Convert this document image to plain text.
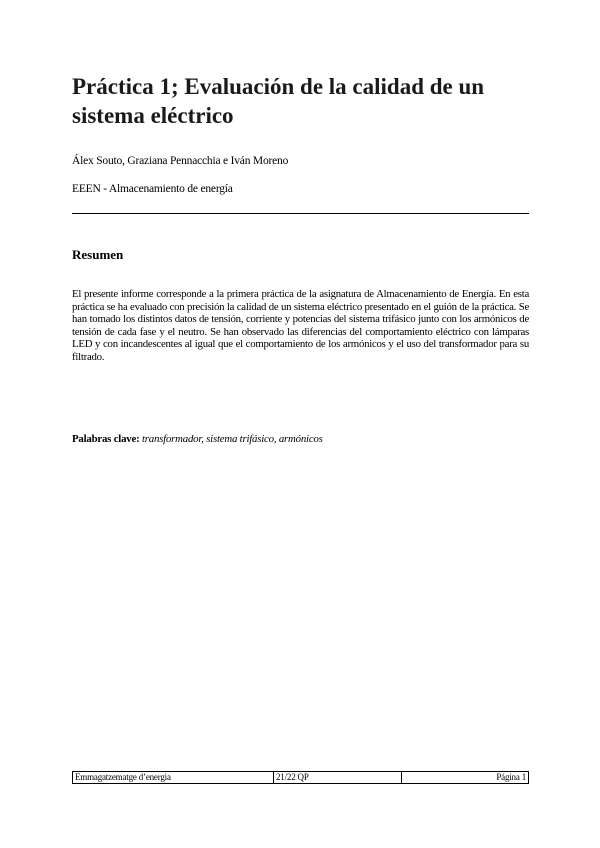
Práctica 1; Evaluación de la calidad de un sistema eléctrico

Álex Souto, Graziana Pennacchia e Iván Moreno

EEEN - Almacenamiento de energía

Resumen

El presente informe corresponde a la primera práctica de la asignatura de Almacenamiento de Energía. En esta práctica se ha evaluado con precisión la calidad de un sistema eléctrico presentado en el guión de la práctica. Se han tomado los distintos datos de tensión, corriente y potencias del sistema trifásico junto con los armónicos de tensión de cada fase y el neutro. Se han observado las diferencias del comportamiento eléctrico con lámparas LED y con incandescentes al igual que el comportamiento de los armónicos y el uso del transformador para su filtrado.

Palabras clave: transformador, sistema trifásico, armónicos

Emmagatzematge d’energia	21/22 QP	Página 1
